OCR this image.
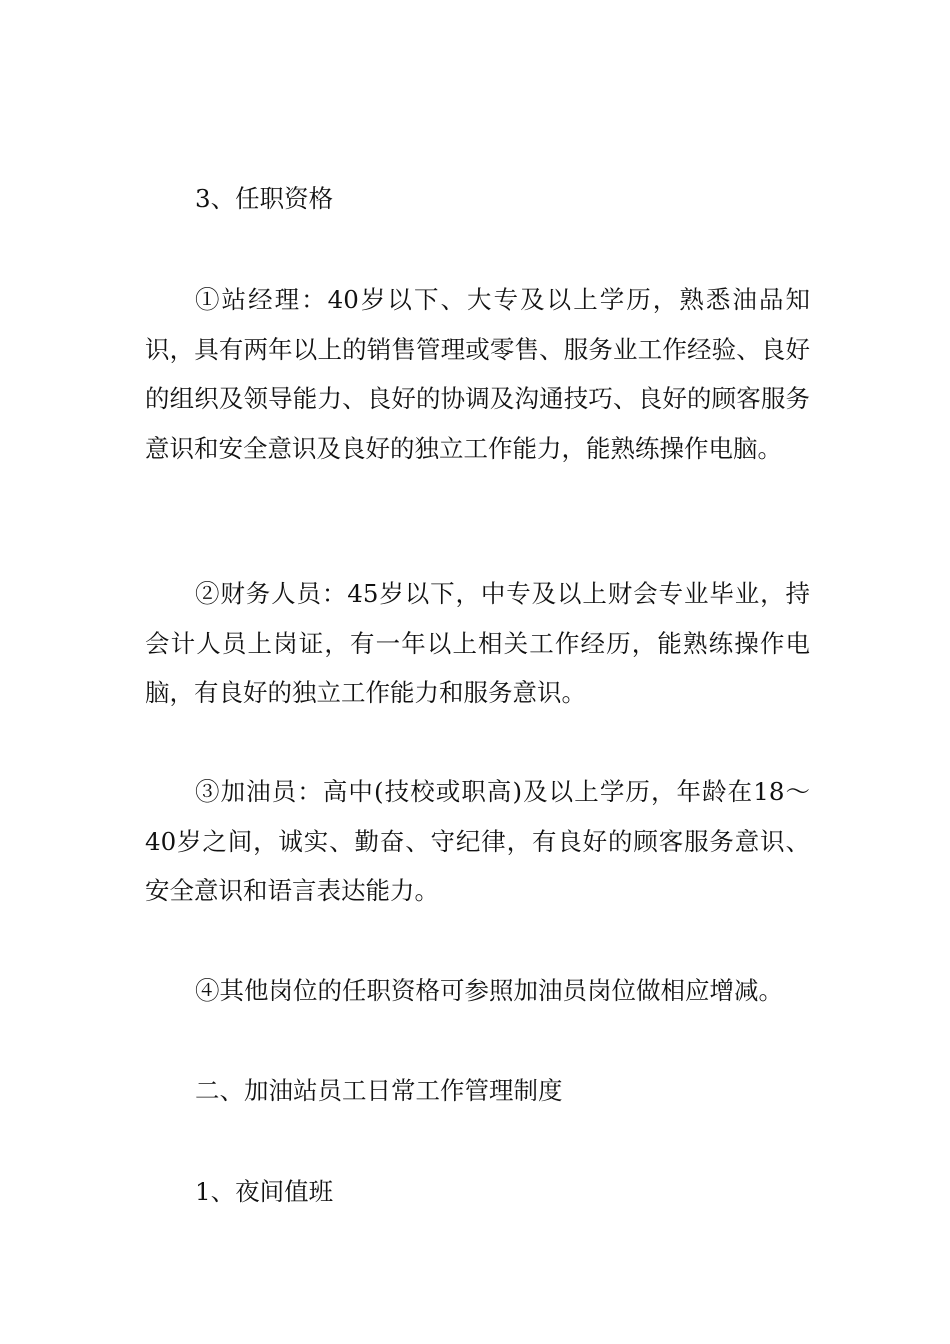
3、任职资格

①站经理：40岁以下、大专及以上学历，熟悉油品知识，具有两年以上的销售管理或零售、服务业工作经验、良好的组织及领导能力、良好的协调及沟通技巧、良好的顾客服务意识和安全意识及良好的独立工作能力，能熟练操作电脑。

②财务人员：45岁以下，中专及以上财会专业毕业，持会计人员上岗证，有一年以上相关工作经历，能熟练操作电脑，有良好的独立工作能力和服务意识。

③加油员：高中(技校或职高)及以上学历，年龄在18～40岁之间，诚实、勤奋、守纪律，有良好的顾客服务意识、安全意识和语言表达能力。

④其他岗位的任职资格可参照加油员岗位做相应增减。

二、加油站员工日常工作管理制度

1、夜间值班
